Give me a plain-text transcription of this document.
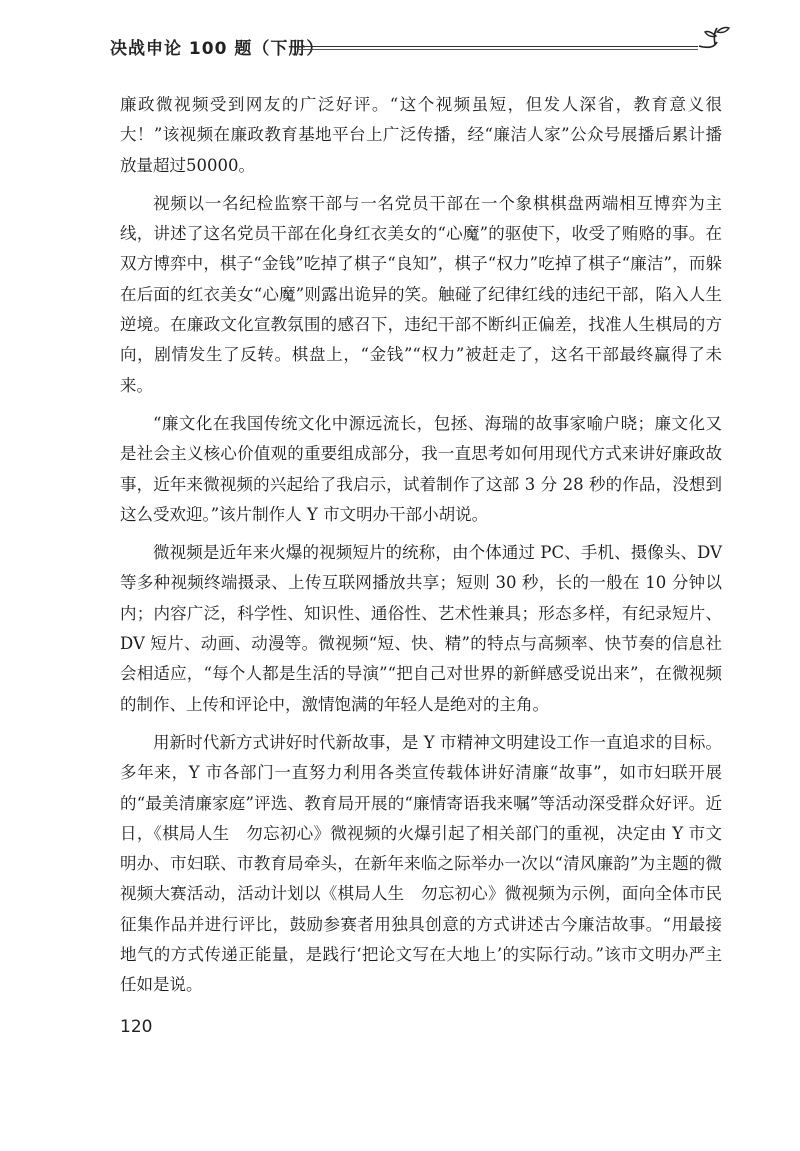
决战申论 100 题（下册）

廉政微视频受到网友的广泛好评。“这个视频虽短，但发人深省，教育意义很大！”该视频在廉政教育基地平台上广泛传播，经“廉洁人家”公众号展播后累计播放量超过50000。

视频以一名纪检监察干部与一名党员干部在一个象棋棋盘两端相互博弈为主线，讲述了这名党员干部在化身红衣美女的“心魔”的驱使下，收受了贿赂的事。在双方博弈中，棋子“金钱”吃掉了棋子“良知”，棋子“权力”吃掉了棋子“廉洁”，而躲在后面的红衣美女“心魔”则露出诡异的笑。触碰了纪律红线的违纪干部，陷入人生逆境。在廉政文化宣教氛围的感召下，违纪干部不断纠正偏差，找准人生棋局的方向，剧情发生了反转。棋盘上，“金钱”“权力”被赶走了，这名干部最终赢得了未来。

“廉文化在我国传统文化中源远流长，包拯、海瑞的故事家喻户晓；廉文化又是社会主义核心价值观的重要组成部分，我一直思考如何用现代方式来讲好廉政故事，近年来微视频的兴起给了我启示，试着制作了这部 3 分 28 秒的作品，没想到这么受欢迎。”该片制作人 Y 市文明办干部小胡说。

微视频是近年来火爆的视频短片的统称，由个体通过 PC、手机、摄像头、DV 等多种视频终端摄录、上传互联网播放共享；短则 30 秒，长的一般在 10 分钟以内；内容广泛，科学性、知识性、通俗性、艺术性兼具；形态多样，有纪录短片、DV 短片、动画、动漫等。微视频“短、快、精”的特点与高频率、快节奏的信息社会相适应，“每个人都是生活的导演”“把自己对世界的新鲜感受说出来”，在微视频的制作、上传和评论中，激情饱满的年轻人是绝对的主角。

用新时代新方式讲好时代新故事，是 Y 市精神文明建设工作一直追求的目标。多年来，Y 市各部门一直努力利用各类宣传载体讲好清廉“故事”，如市妇联开展的“最美清廉家庭”评选、教育局开展的“廉情寄语我来嘱”等活动深受群众好评。近日，《棋局人生　勿忘初心》微视频的火爆引起了相关部门的重视，决定由 Y 市文明办、市妇联、市教育局牵头，在新年来临之际举办一次以“清风廉韵”为主题的微视频大赛活动，活动计划以《棋局人生　勿忘初心》微视频为示例，面向全体市民征集作品并进行评比，鼓励参赛者用独具创意的方式讲述古今廉洁故事。“用最接地气的方式传递正能量，是践行‘把论文写在大地上’的实际行动。”该市文明办严主任如是说。

120
